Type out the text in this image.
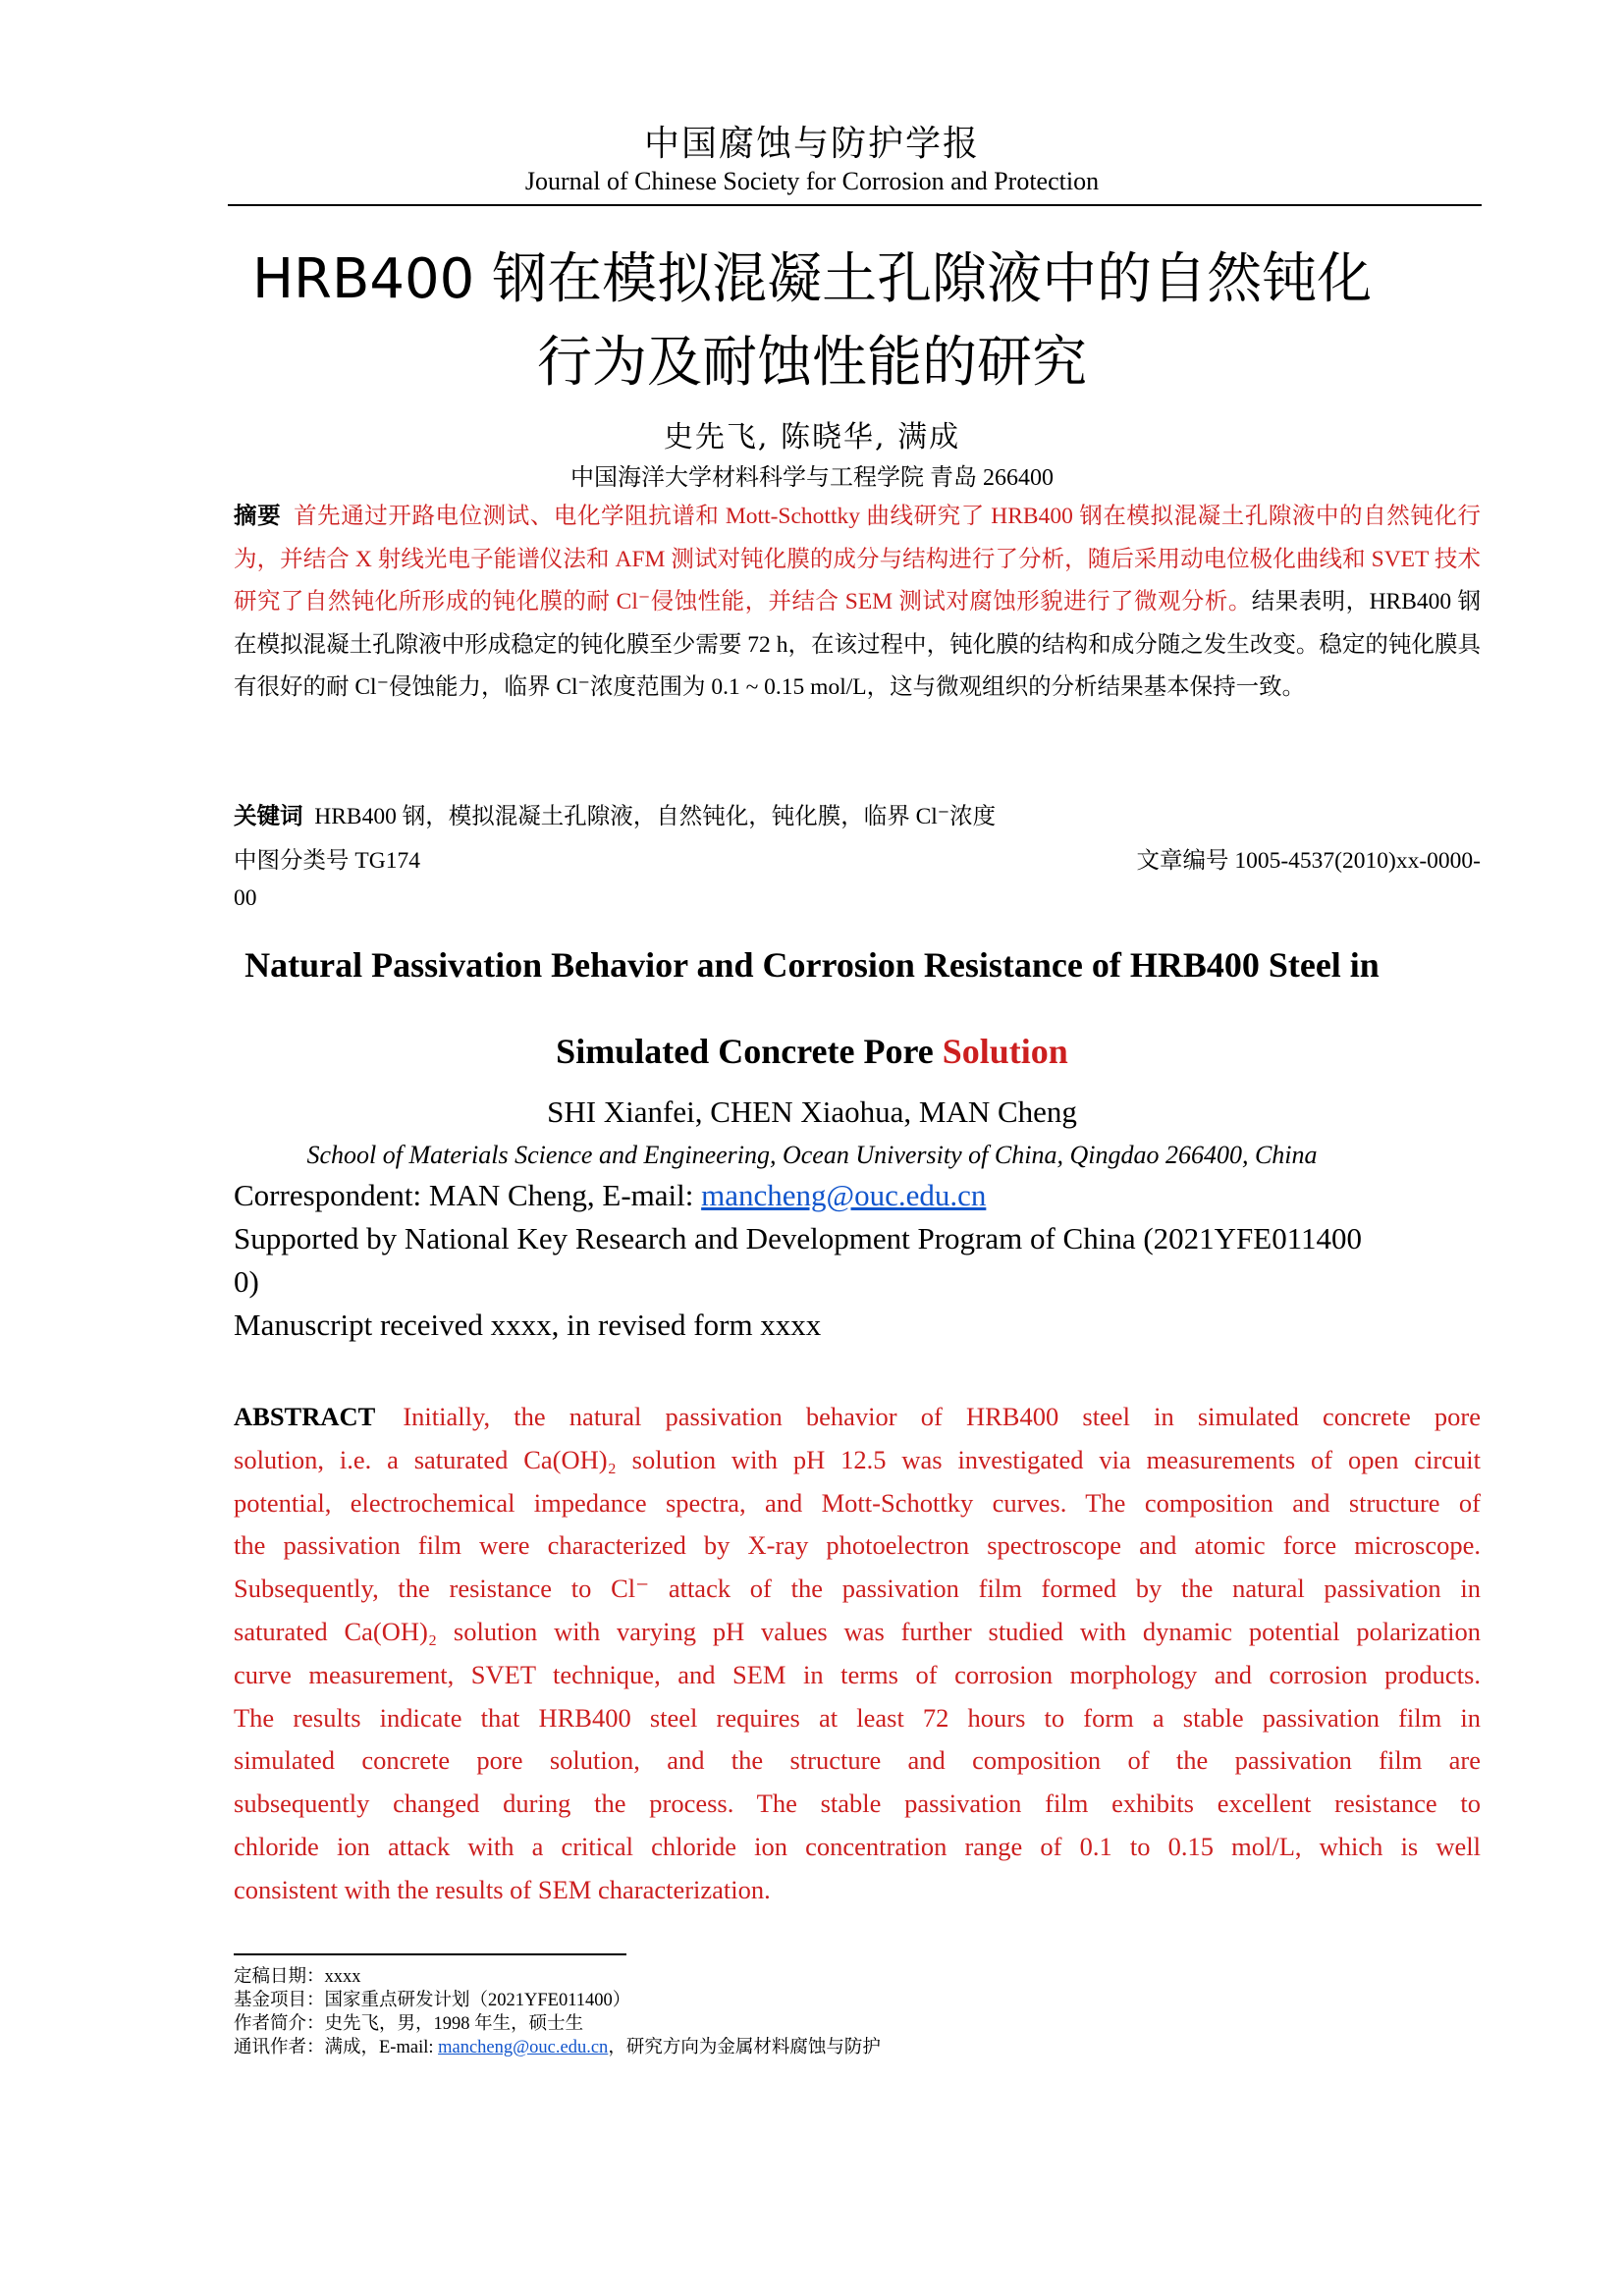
中国腐蚀与防护学报
Journal of Chinese Society for Corrosion and Protection
HRB400 钢在模拟混凝土孔隙液中的自然钝化
行为及耐蚀性能的研究
史先飞, 陈晓华, 满成
中国海洋大学材料科学与工程学院 青岛 266400
摘要 首先通过开路电位测试、电化学阻抗谱和 Mott-Schottky 曲线研究了 HRB400 钢在模拟混凝土孔隙液中的自然钝化行为，并结合 X 射线光电子能谱仪法和 AFM 测试对钝化膜的成分与结构进行了分析，随后采用动电位极化曲线和 SVET 技术研究了自然钝化所形成的钝化膜的耐 Cl⁻侵蚀性能，并结合 SEM 测试对腐蚀形貌进行了微观分析。结果表明，HRB400 钢在模拟混凝土孔隙液中形成稳定的钝化膜至少需要 72 h，在该过程中，钝化膜的结构和成分随之发生改变。稳定的钝化膜具有很好的耐 Cl⁻侵蚀能力，临界 Cl⁻浓度范围为 0.1 ~ 0.15 mol/L，这与微观组织的分析结果基本保持一致。
关键词 HRB400 钢，模拟混凝土孔隙液，自然钝化，钝化膜，临界 Cl⁻浓度
中图分类号 TG174	文章编号 1005-4537(2010)xx-0000-
00
Natural Passivation Behavior and Corrosion Resistance of HRB400 Steel in
Simulated Concrete Pore Solution
SHI Xianfei, CHEN Xiaohua, MAN Cheng
School of Materials Science and Engineering, Ocean University of China, Qingdao 266400, China
Correspondent: MAN Cheng, E-mail: mancheng@ouc.edu.cn
Supported by National Key Research and Development Program of China (2021YFE011400
0)
Manuscript received xxxx, in revised form xxxx
ABSTRACT Initially, the natural passivation behavior of HRB400 steel in simulated concrete pore
solution, i.e. a saturated Ca(OH)₂ solution with pH 12.5 was investigated via measurements of open circuit
potential, electrochemical impedance spectra, and Mott-Schottky curves. The composition and structure of
the passivation film were characterized by X-ray photoelectron spectroscope and atomic force microscope.
Subsequently, the resistance to Cl⁻ attack of the passivation film formed by the natural passivation in
saturated Ca(OH)₂ solution with varying pH values was further studied with dynamic potential polarization
curve measurement, SVET technique, and SEM in terms of corrosion morphology and corrosion products.
The results indicate that HRB400 steel requires at least 72 hours to form a stable passivation film in
simulated concrete pore solution, and the structure and composition of the passivation film are
subsequently changed during the process. The stable passivation film exhibits excellent resistance to
chloride ion attack with a critical chloride ion concentration range of 0.1 to 0.15 mol/L, which is well
consistent with the results of SEM characterization.
定稿日期：xxxx
基金项目：国家重点研发计划（2021YFE011400）
作者简介：史先飞，男，1998 年生，硕士生
通讯作者：满成，E-mail: mancheng@ouc.edu.cn，研究方向为金属材料腐蚀与防护
